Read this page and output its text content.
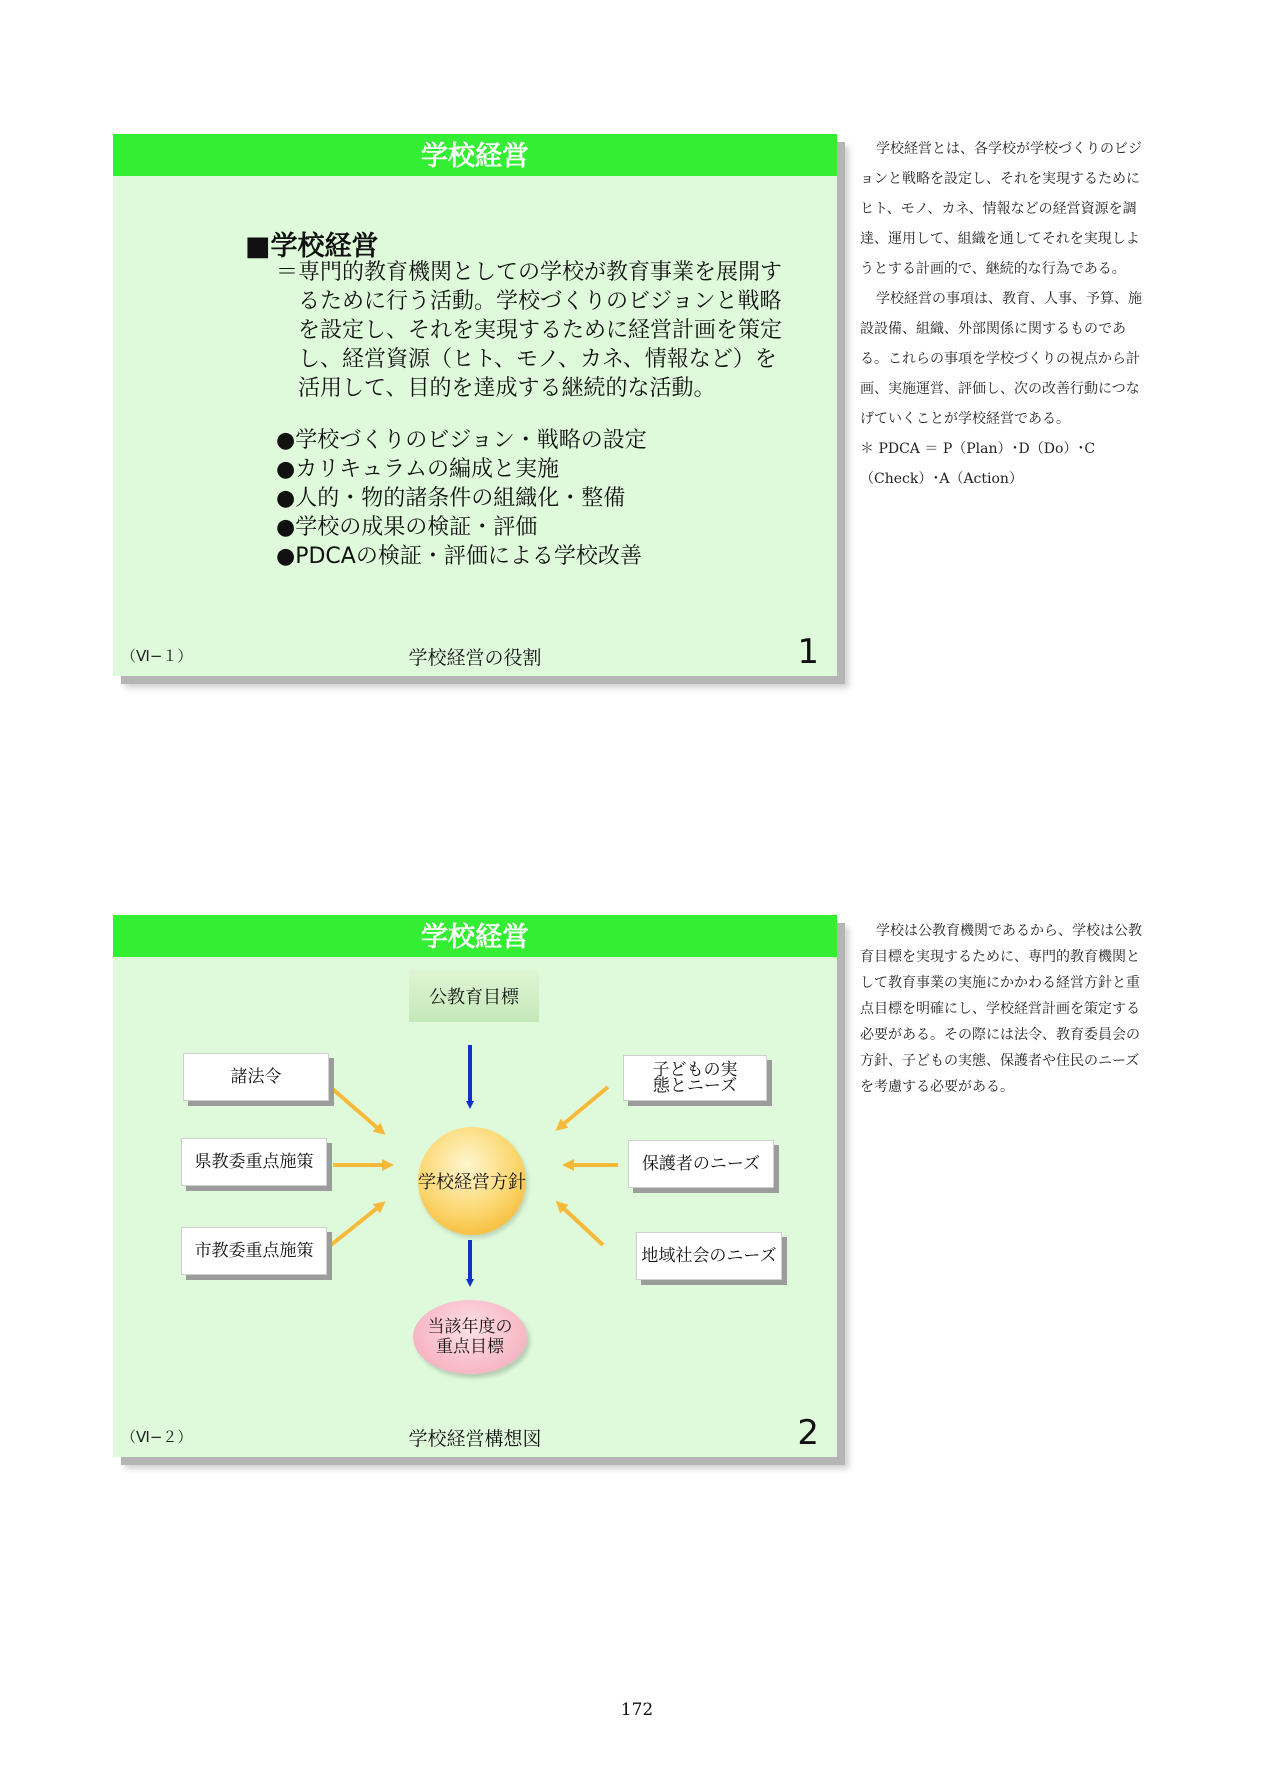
学校経営
■学校経営
＝ 専門的教育機関としての学校が教育事業を展開するために行う活動。学校づくりのビジョンと戦略を設定し、それを実現するために経営計画を策定し、経営資源（ヒト、モノ、カネ、情報など）を活用して、目的を達成する継続的な活動。
●学校づくりのビジョン・戦略の設定
●カリキュラムの編成と実施
●人的・物的諸条件の組織化・整備
●学校の成果の検証・評価
●PDCAの検証・評価による学校改善
（Ⅵ−１）	学校経営の役割	1

学校経営とは、各学校が学校づくりのビジョンと戦略を設定し、それを実現するためにヒト、モノ、カネ、情報などの経営資源を調達、運用して、組織を通してそれを実現しようとする計画的で、継続的な行為である。

学校経営の事項は、教育、人事、予算、施設設備、組織、外部関係に関するものである。これらの事項を学校づくりの視点から計画、実施運営、評価し、次の改善行動につなげていくことが学校経営である。

＊ PDCA ＝ P（Plan）･D（Do）･C（Check）･A（Action）

学校経営
公教育目標
諸法令
県教委重点施策
市教委重点施策
子どもの実態とニーズ
保護者のニーズ
地域社会のニーズ
学校経営方針
当該年度の
重点目標
（Ⅵ−２）	学校経営構想図	2

学校は公教育機関であるから、学校は公教育目標を実現するために、専門的教育機関として教育事業の実施にかかわる経営方針と重点目標を明確にし、学校経営計画を策定する必要がある。その際には法令、教育委員会の方針、子どもの実態、保護者や住民のニーズを考慮する必要がある。

172
